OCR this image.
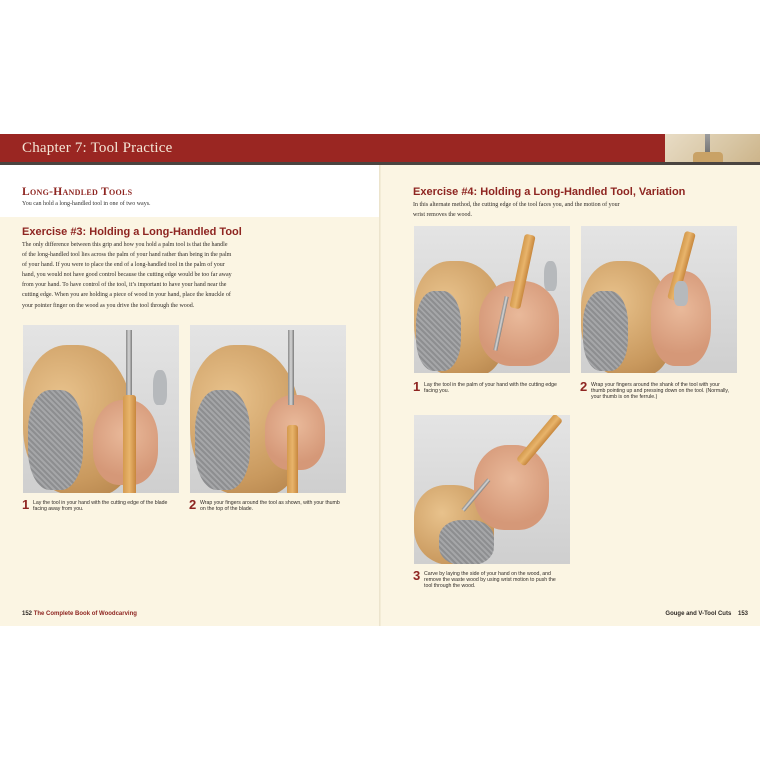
Chapter 7: Tool Practice
Long-Handled Tools
You can hold a long-handled tool in one of two ways.
Exercise #3: Holding a Long-Handled Tool
The only difference between this grip and how you hold a palm tool is that the handle
of the long-handled tool lies across the palm of your hand rather than being in the palm
of your hand. If you were to place the end of a long-handled tool in the palm of your
hand, you would not have good control because the cutting edge would be too far away
from your hand. To have control of the tool, it’s important to have your hand near the
cutting edge. When you are holding a piece of wood in your hand, place the knuckle of
your pointer finger on the wood as you drive the tool through the wood.
1 Lay the tool in your hand with the cutting edge of the blade
facing away from you.	2 Wrap your fingers around the tool as shown, with your thumb
on the top of the blade.
152 The Complete Book of Woodcarving
Exercise #4: Holding a Long-Handled Tool, Variation
In this alternate method, the cutting edge of the tool faces you, and the motion of your
wrist removes the wood.
1 Lay the tool in the palm of your hand with the cutting edge
facing you.	2 Wrap your fingers around the shank of the tool with your
thumb pointing up and pressing down on the tool. (Normally,
your thumb is on the ferrule.)
3 Carve by laying the side of your hand on the wood, and
remove the waste wood by using wrist motion to push the
tool through the wood.
Gouge and V-Tool Cuts 153
